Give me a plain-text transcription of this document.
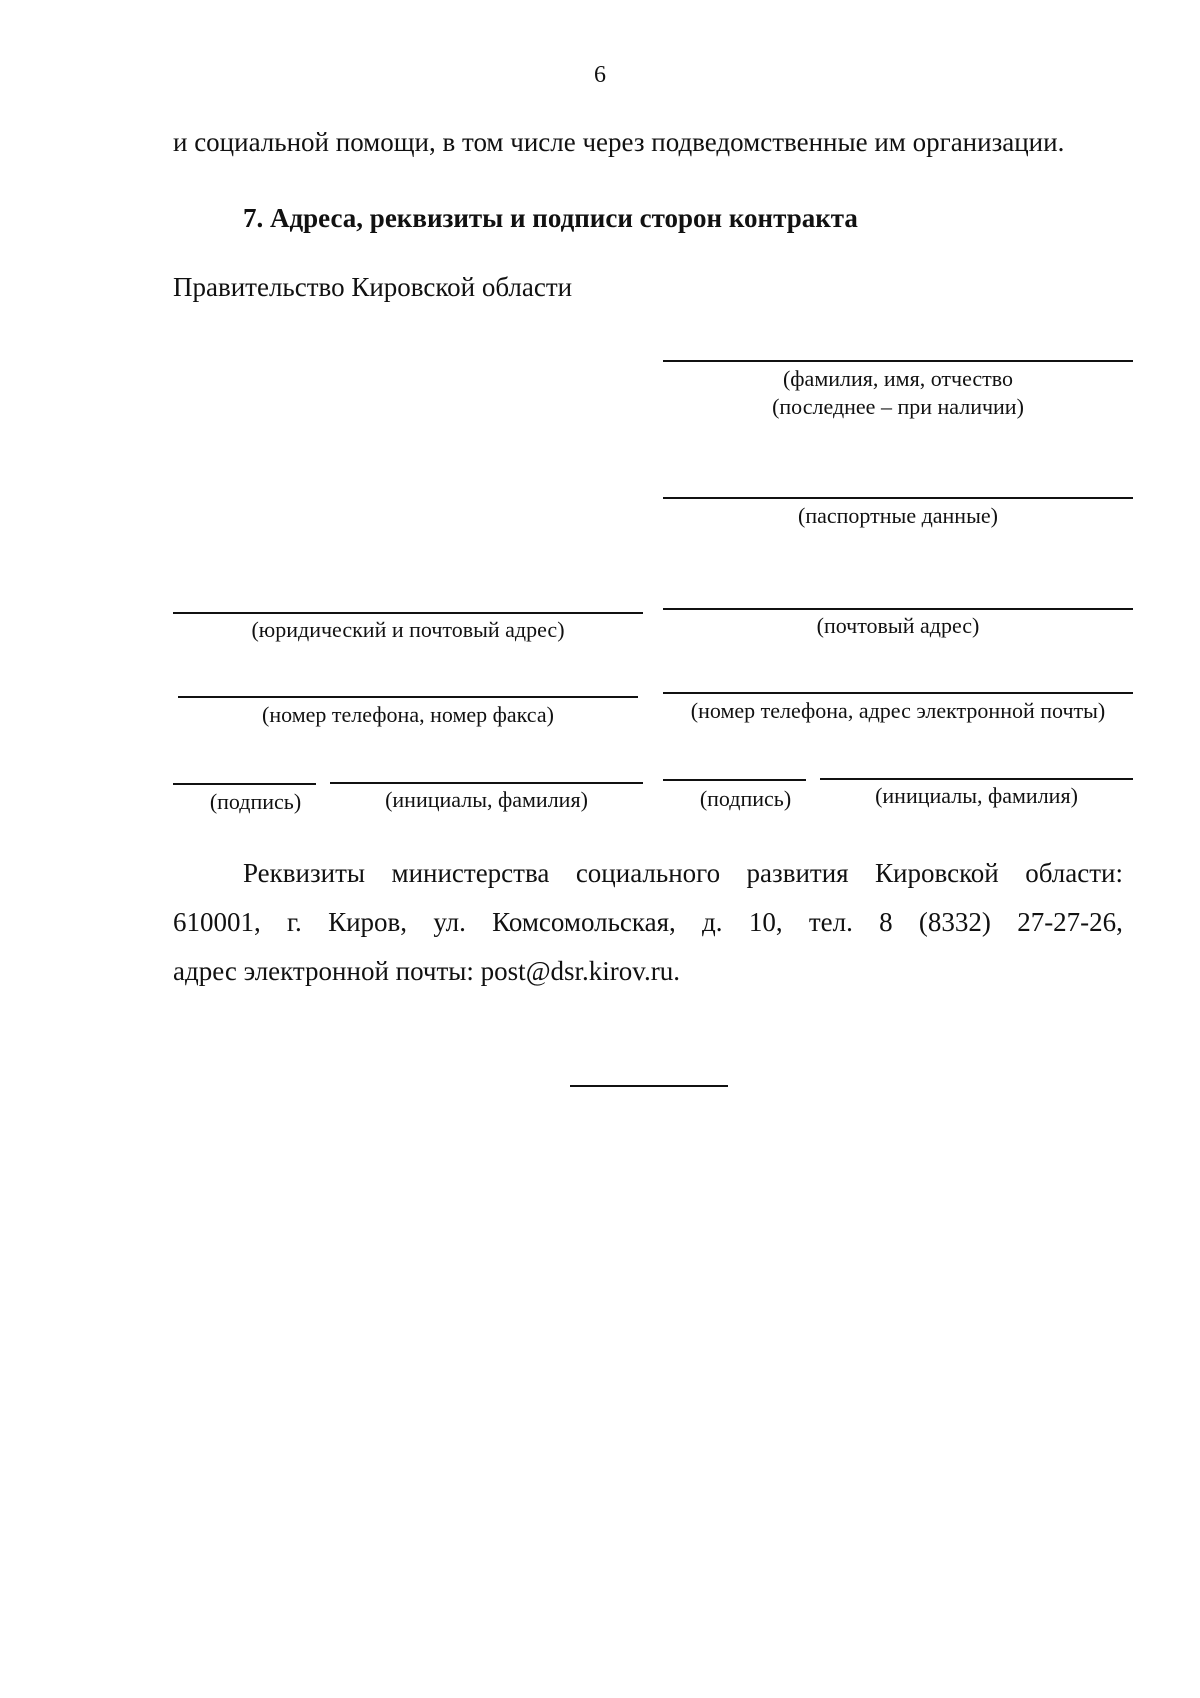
6
и социальной помощи, в том числе через подведомственные им организации.
7. Адреса, реквизиты и подписи сторон контракта
Правительство Кировской области
(фамилия, имя, отчество
(последнее – при наличии)
(паспортные данные)
(юридический и почтовый адрес)	(почтовый адрес)
(номер телефона, номер факса)	(номер телефона, адрес электронной почты)
(подпись)	(инициалы, фамилия)	(подпись)	(инициалы, фамилия)
Реквизиты министерства социального развития Кировской области:
610001, г. Киров, ул. Комсомольская, д. 10, тел. 8 (8332) 27-27-26,
адрес электронной почты: post@dsr.kirov.ru.
